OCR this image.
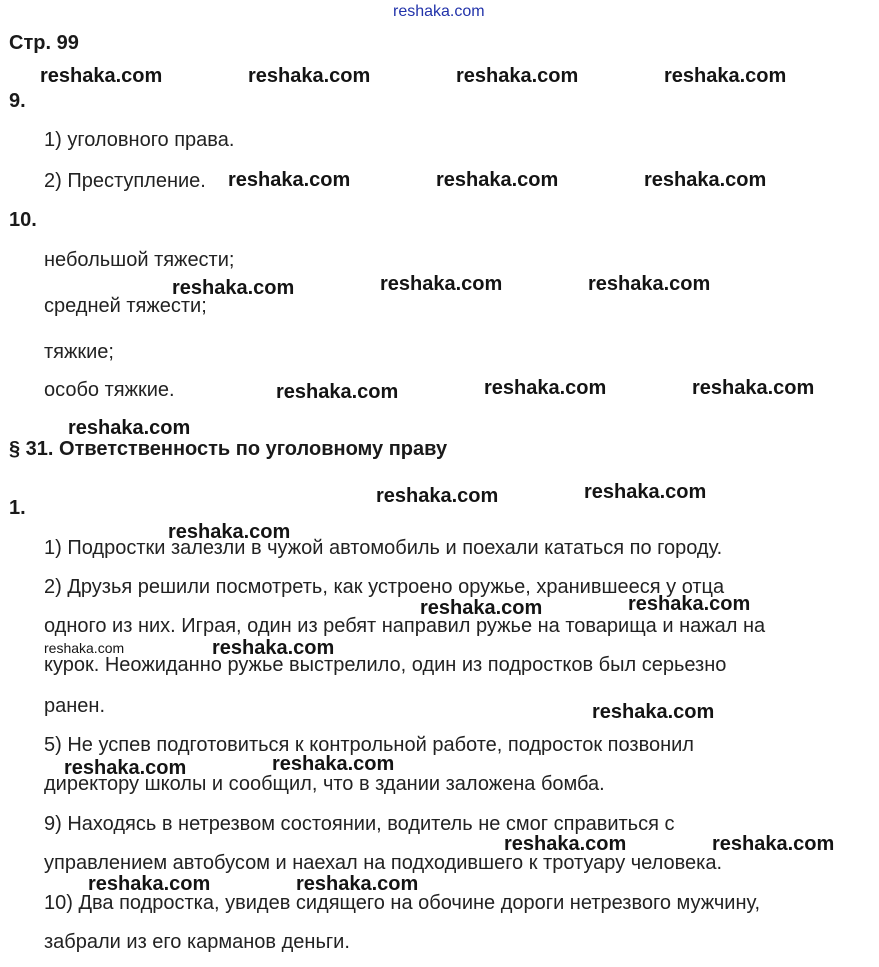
reshaka.com
Стр. 99
9.
1) уголовного права.
2) Преступление.
10.
небольшой тяжести;
средней тяжести;
тяжкие;
особо тяжкие.
§ 31. Ответственность по уголовному праву
1.
1) Подростки залезли в чужой автомобиль и поехали кататься по городу.
2) Друзья решили посмотреть, как устроено оружье, хранившееся у отца
одного из них. Играя, один из ребят направил ружье на товарища и нажал на
курок. Неожиданно ружье выстрелило, один из подростков был серьезно
ранен.
5) Не успев подготовиться к контрольной работе, подросток позвонил
директору школы и сообщил, что в здании заложена бомба.
9) Находясь в нетрезвом состоянии, водитель не смог справиться с
управлением автобусом и наехал на подходившего к тротуару человека.
10) Два подростка, увидев сидящего на обочине дороги нетрезвого мужчину,
забрали из его карманов деньги.
reshaka.com	reshaka.com	reshaka.com	reshaka.com
reshaka.com	reshaka.com	reshaka.com
reshaka.com	reshaka.com	reshaka.com
reshaka.com	reshaka.com	reshaka.com
reshaka.com
reshaka.com	reshaka.com
reshaka.com
reshaka.com	reshaka.com
reshaka.com	reshaka.com
reshaka.com
reshaka.com	reshaka.com
reshaka.com	reshaka.com
reshaka.com	reshaka.com
